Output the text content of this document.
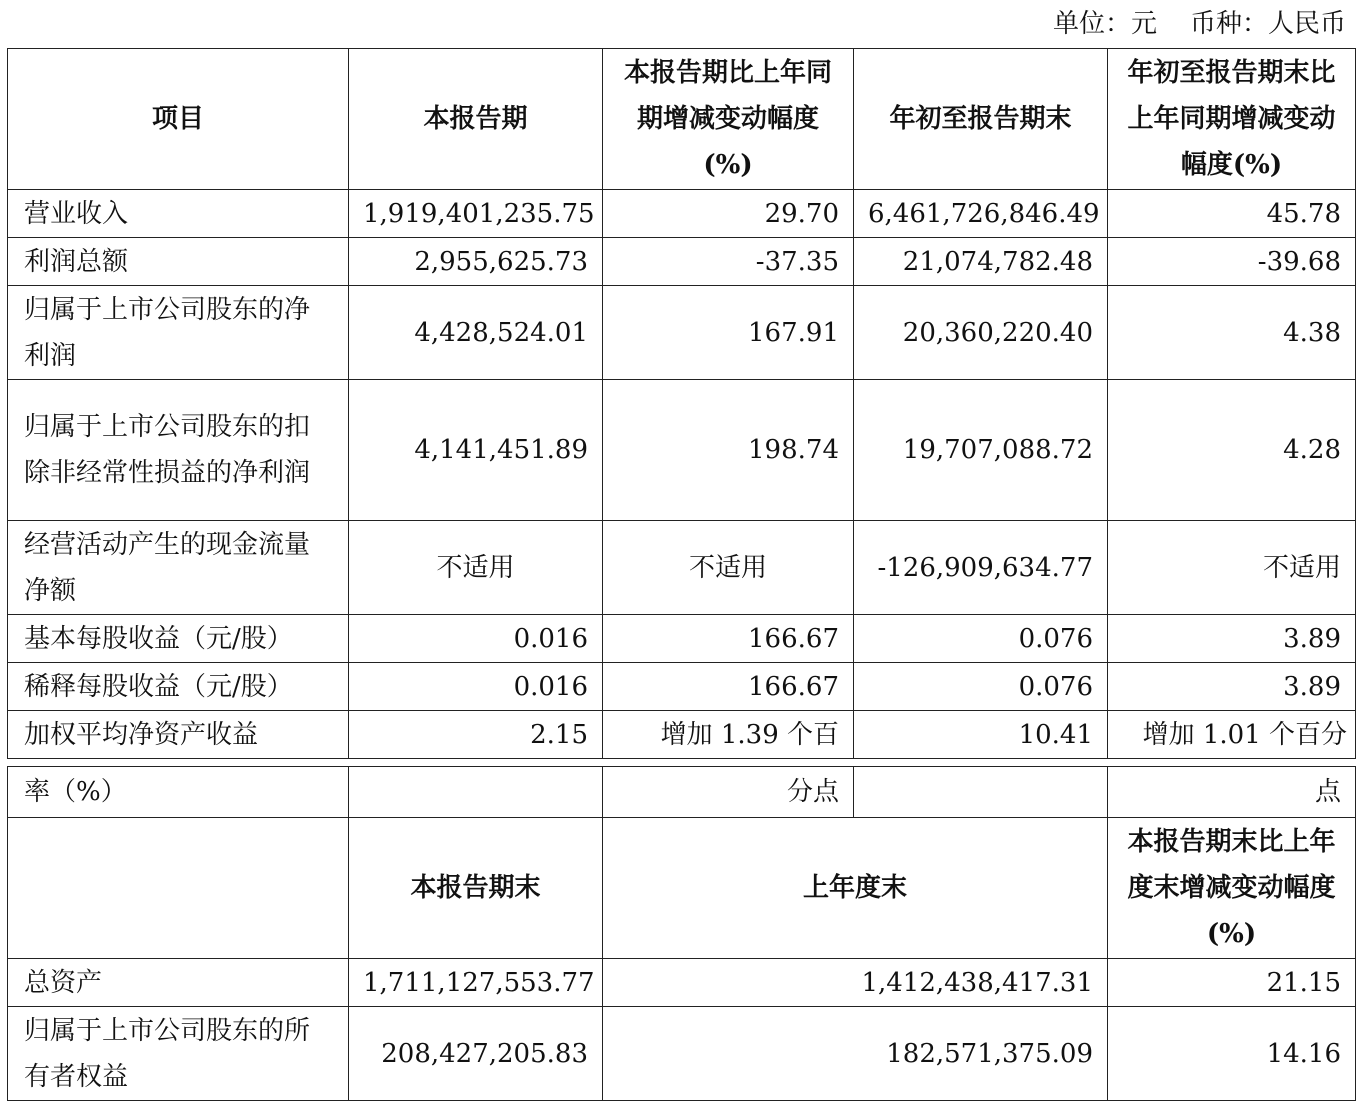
单位：元    币种：人民币
项目	本报告期	本报告期比上年同期增减变动幅度(%)	年初至报告期末	年初至报告期末比上年同期增减变动幅度(%)
营业收入	1,919,401,235.75	29.70	6,461,726,846.49	45.78
利润总额	2,955,625.73	-37.35	21,074,782.48	-39.68
归属于上市公司股东的净利润	4,428,524.01	167.91	20,360,220.40	4.38
归属于上市公司股东的扣除非经常性损益的净利润	4,141,451.89	198.74	19,707,088.72	4.28
经营活动产生的现金流量净额	不适用	不适用	-126,909,634.77	不适用
基本每股收益（元/股）	0.016	166.67	0.076	3.89
稀释每股收益（元/股）	0.016	166.67	0.076	3.89
加权平均净资产收益	2.15	增加 1.39 个百	10.41	增加 1.01 个百分
率（%）		分点		点
	本报告期末	上年度末		本报告期末比上年度末增减变动幅度(%)
总资产	1,711,127,553.77	1,412,438,417.31		21.15
归属于上市公司股东的所有者权益	208,427,205.83	182,571,375.09		14.16
